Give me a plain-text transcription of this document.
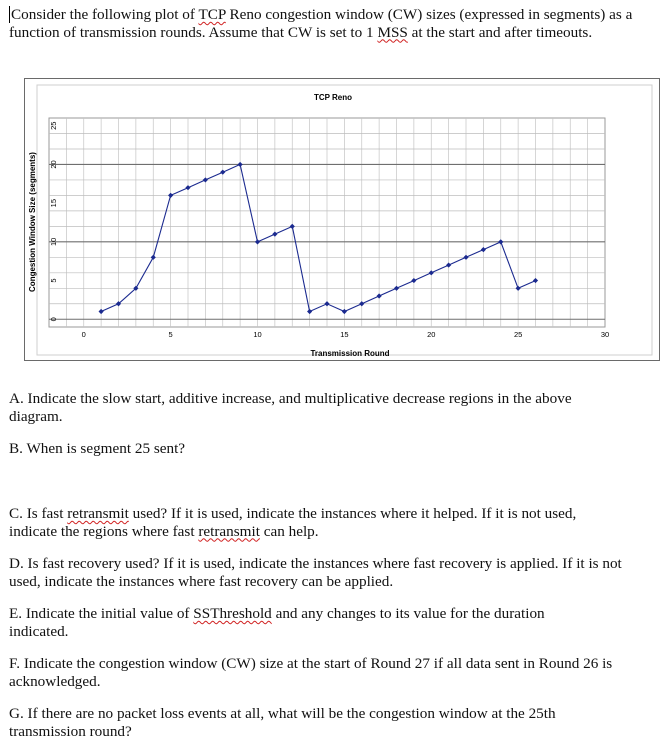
Consider the following plot of TCP Reno congestion window (CW) sizes (expressed in segments) as a function of transmission rounds. Assume that CW is set to 1 MSS at the start and after timeouts.

0	5	10	15	20	25	30
0
5
10
15
20
25
TCP Reno
Transmission Round
Congestion Window Size (segments)

A. Indicate the slow start, additive increase, and multiplicative decrease regions in the above diagram.

B. When is segment 25 sent?

C. Is fast retransmit used? If it is used, indicate the instances where it helped. If it is not used, indicate the regions where fast retransmit can help.

D. Is fast recovery used? If it is used, indicate the instances where fast recovery is applied. If it is not used, indicate the instances where fast recovery can be applied.

E. Indicate the initial value of SSThreshold and any changes to its value for the duration indicated.

F. Indicate the congestion window (CW) size at the start of Round 27 if all data sent in Round 26 is acknowledged.

G. If there are no packet loss events at all, what will be the congestion window at the 25th transmission round?
